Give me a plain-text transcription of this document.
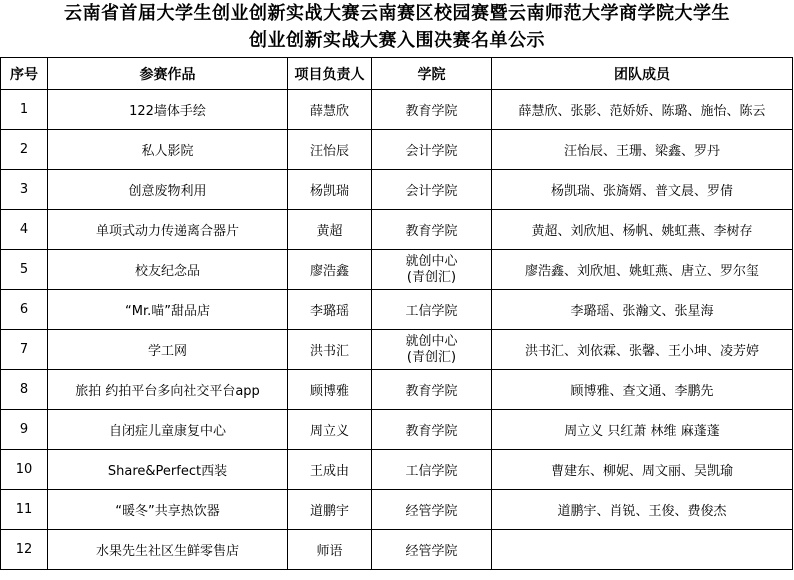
云南省首届大学生创业创新实战大赛云南赛区校园赛暨云南师范大学商学院大学生
创业创新实战大赛入围决赛名单公示
序号	参赛作品	项目负责人	学院	团队成员
1	122墙体手绘	薛慧欣	教育学院	薛慧欣、张影、范娇娇、陈璐、施怡、陈云
2	私人影院	汪怡辰	会计学院	汪怡辰、王珊、梁鑫、罗丹
3	创意废物利用	杨凯瑞	会计学院	杨凯瑞、张旖婿、普文晨、罗倩
4	单项式动力传递离合器片	黄超	教育学院	黄超、刘欣旭、杨帆、姚虹燕、李树存
5	校友纪念品	廖浩鑫	就创中心
(青创汇)	廖浩鑫、刘欣旭、姚虹燕、唐立、罗尔玺
6	“Mr.喵”甜品店	李璐瑶	工信学院	李璐瑶、张瀚文、张星海
7	学工网	洪书汇	就创中心
(青创汇)	洪书汇、刘依霖、张馨、王小坤、凌芳婷
8	旅拍 约拍平台多向社交平台app	顾博雅	教育学院	顾博雅、查文通、李鹏先
9	自闭症儿童康复中心	周立义	教育学院	周立义 只红萧 林维 麻蓬蓬
10	Share&Perfect西装	王成由	工信学院	曹建东、柳妮、周文丽、吴凯瑜
11	“暖冬”共享热饮器	道鹏宇	经管学院	道鹏宇、肖锐、王俊、费俊杰
12	水果先生社区生鲜零售店	师语	经管学院	
